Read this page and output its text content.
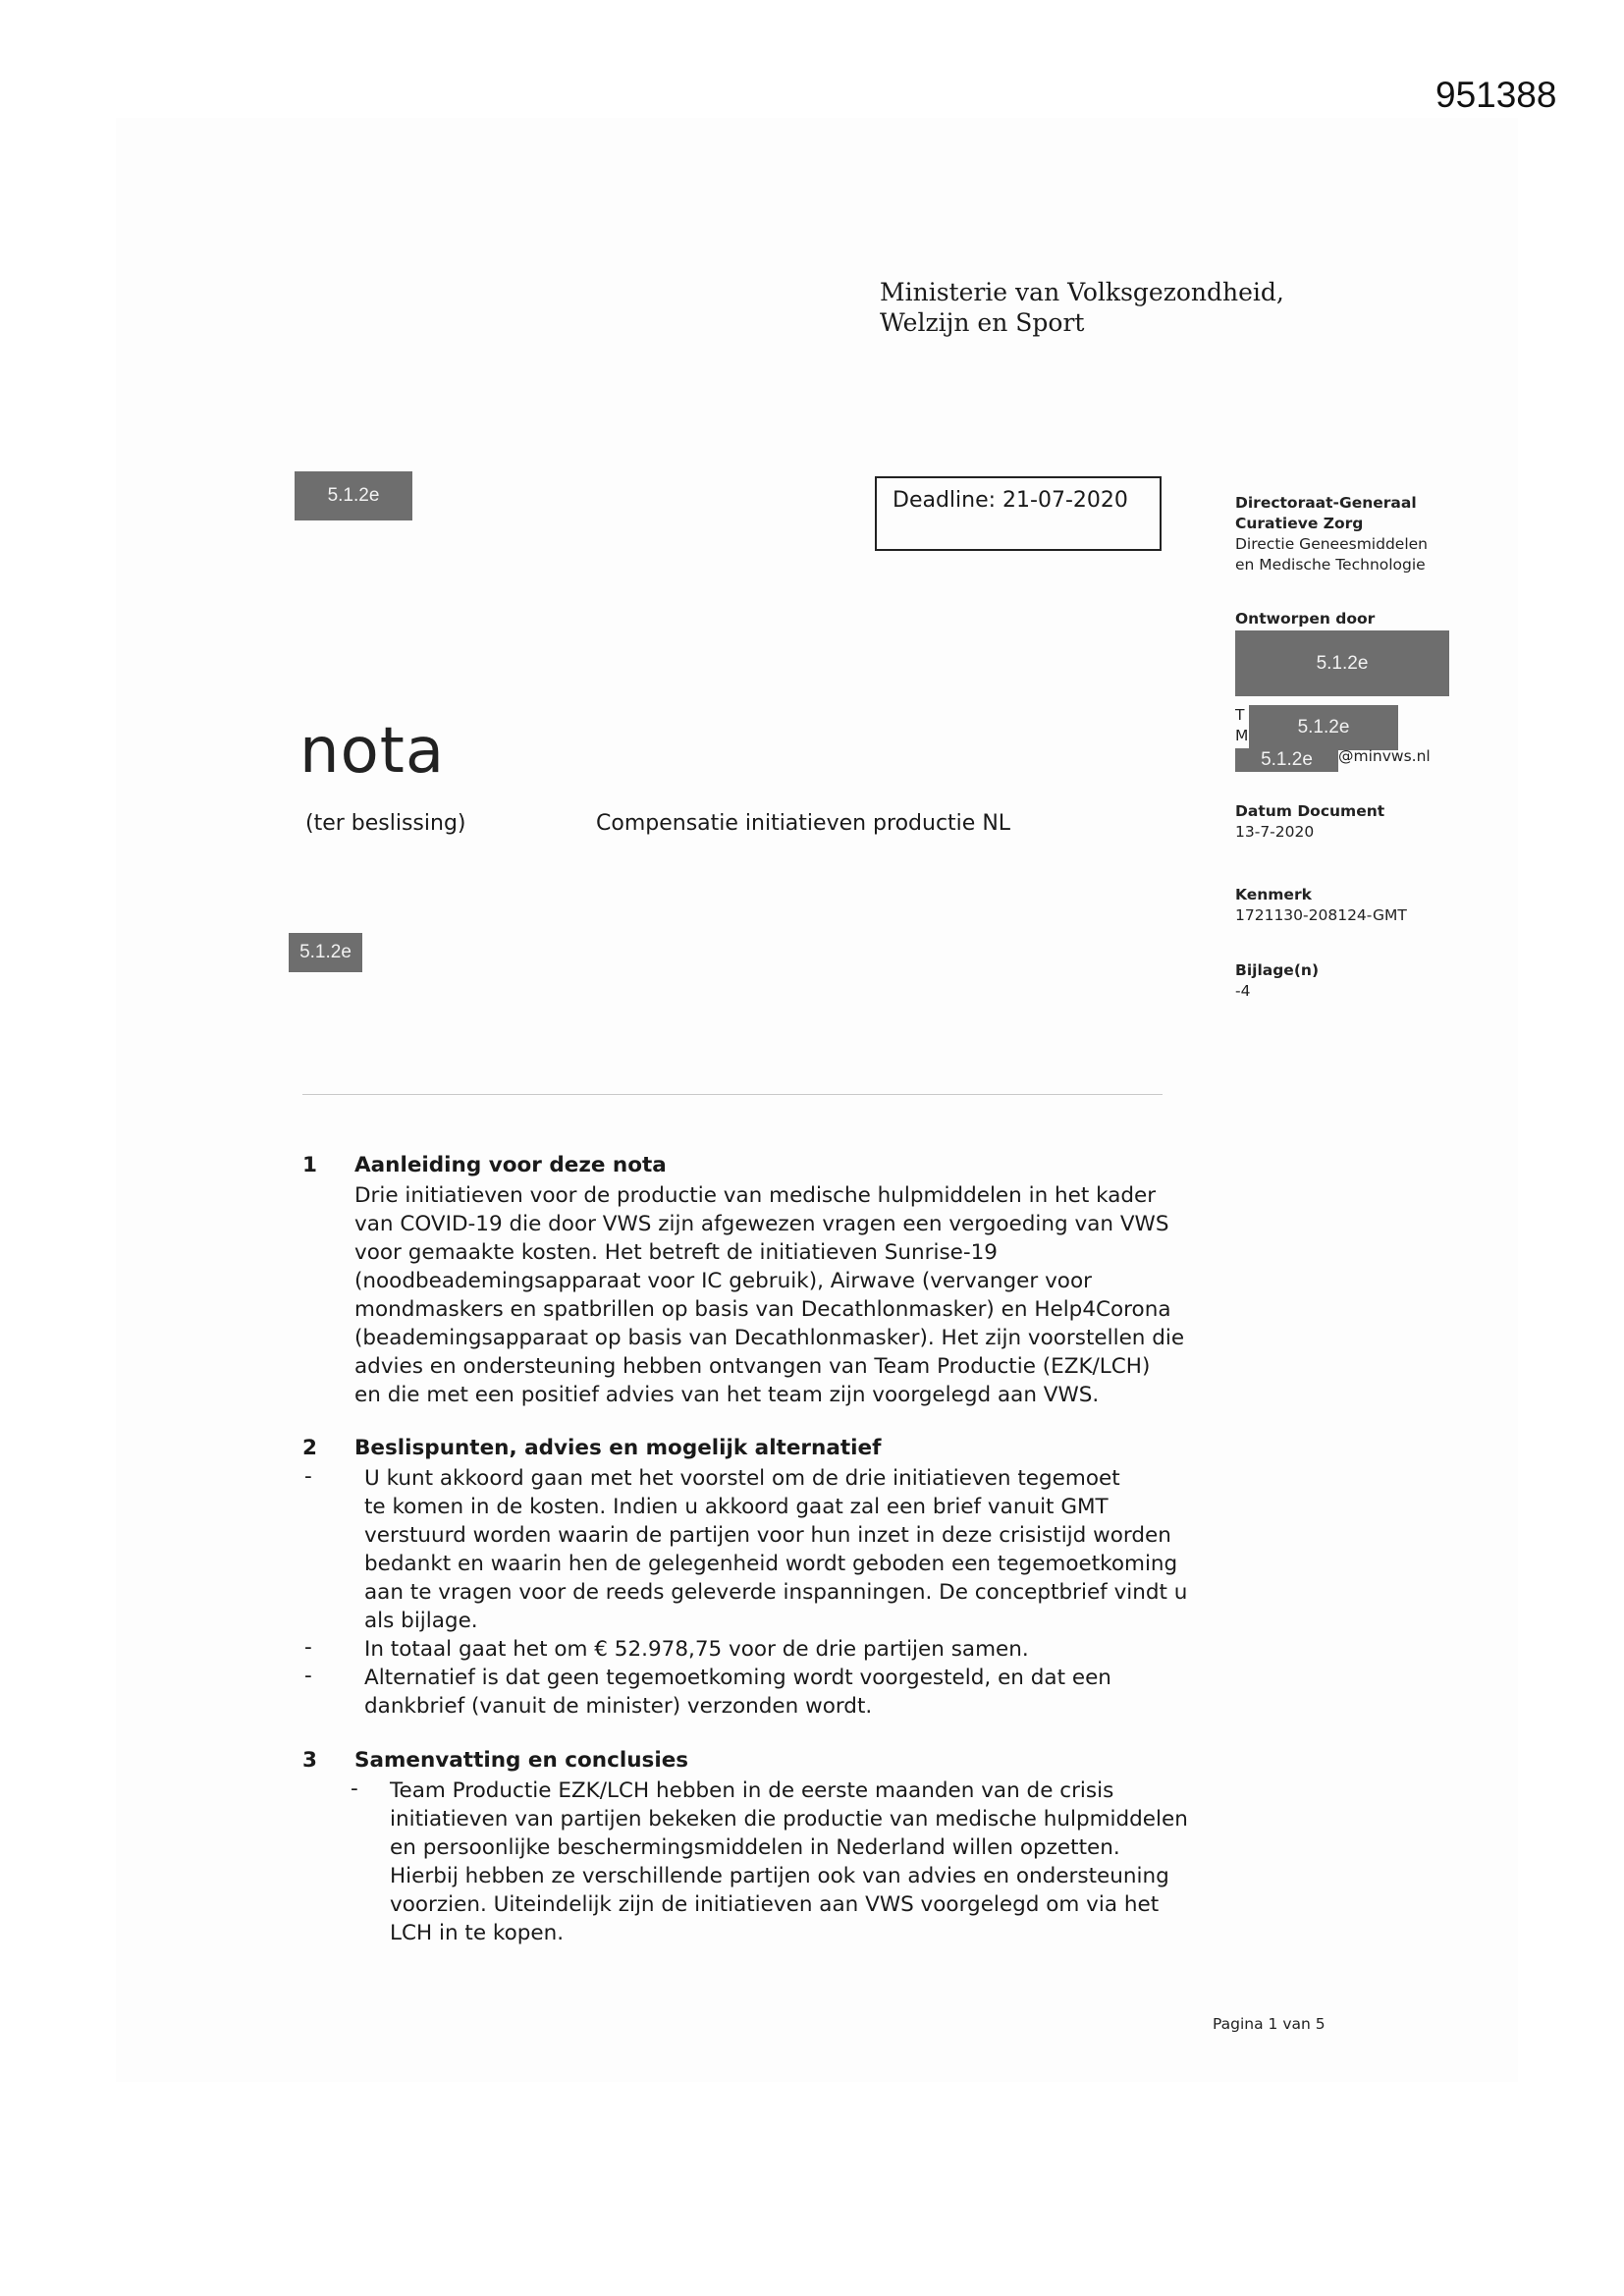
951388
Ministerie van Volksgezondheid,
Welzijn en Sport
5.1.2e
5.1.2e
5.1.2e
Deadline: 21-07-2020
nota
(ter beslissing)	Compensatie initiatieven productie NL
Directoraat-Generaal
Curatieve Zorg
Directie Geneesmiddelen
en Medische Technologie
Ontworpen door
T
M	5.1.2e
5.1.2e	@minvws.nl
Datum Document
13-7-2020
Kenmerk
1721130-208124-GMT
Bijlage(n)
-4
1 Aanleiding voor deze nota
Drie initiatieven voor de productie van medische hulpmiddelen in het kader
van COVID-19 die door VWS zijn afgewezen vragen een vergoeding van VWS
voor gemaakte kosten. Het betreft de initiatieven Sunrise-19
(noodbeademingsapparaat voor IC gebruik), Airwave (vervanger voor
mondmaskers en spatbrillen op basis van Decathlonmasker) en Help4Corona
(beademingsapparaat op basis van Decathlonmasker). Het zijn voorstellen die
advies en ondersteuning hebben ontvangen van Team Productie (EZK/LCH)
en die met een positief advies van het team zijn voorgelegd aan VWS.
2 Beslispunten, advies en mogelijk alternatief
- U kunt akkoord gaan met het voorstel om de drie initiatieven tegemoet
te komen in de kosten. Indien u akkoord gaat zal een brief vanuit GMT
verstuurd worden waarin de partijen voor hun inzet in deze crisistijd worden
bedankt en waarin hen de gelegenheid wordt geboden een tegemoetkoming
aan te vragen voor de reeds geleverde inspanningen. De conceptbrief vindt u
als bijlage.
- In totaal gaat het om € 52.978,75 voor de drie partijen samen.
- Alternatief is dat geen tegemoetkoming wordt voorgesteld, en dat een
dankbrief (vanuit de minister) verzonden wordt.
3 Samenvatting en conclusies
- Team Productie EZK/LCH hebben in de eerste maanden van de crisis
initiatieven van partijen bekeken die productie van medische hulpmiddelen
en persoonlijke beschermingsmiddelen in Nederland willen opzetten.
Hierbij hebben ze verschillende partijen ook van advies en ondersteuning
voorzien. Uiteindelijk zijn de initiatieven aan VWS voorgelegd om via het
LCH in te kopen.
Pagina 1 van 5
